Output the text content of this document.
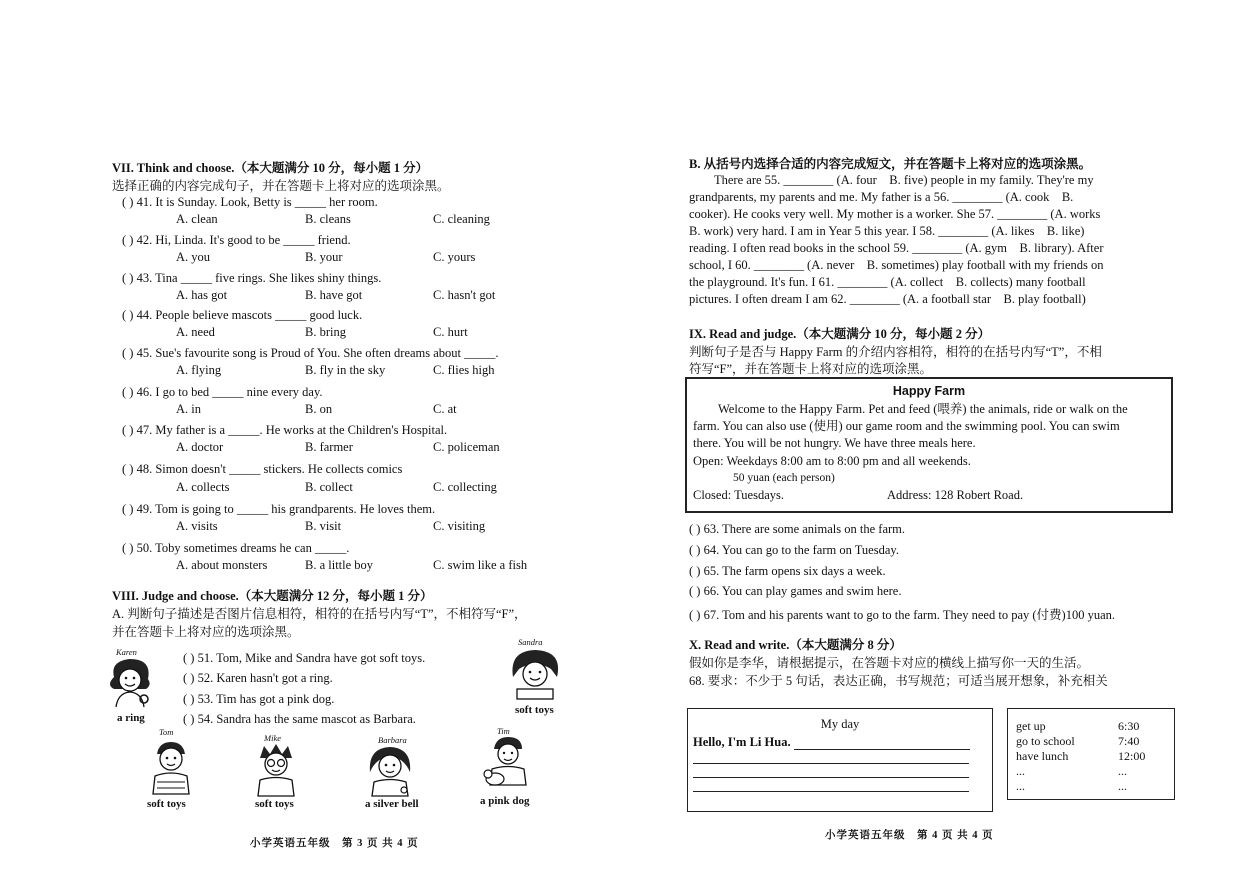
VII. Think and choose.（本大题满分 10 分，每小题 1 分）
选择正确的内容完成句子，并在答题卡上将对应的选项涂黑。
( ) 41. It is Sunday. Look, Betty is _____ her room.
A. clean	B. cleans	C. cleaning
( ) 42. Hi, Linda. It's good to be _____ friend.
A. you	B. your	C. yours
( ) 43. Tina _____ five rings. She likes shiny things.
A. has got	B. have got	C. hasn't got
( ) 44. People believe mascots _____ good luck.
A. need	B. bring	C. hurt
( ) 45. Sue's favourite song is Proud of You. She often dreams about _____.
A. flying	B. fly in the sky	C. flies high
( ) 46. I go to bed _____ nine every day.
A. in	B. on	C. at
( ) 47. My father is a _____. He works at the Children's Hospital.
A. doctor	B. farmer	C. policeman
( ) 48. Simon doesn't _____ stickers. He collects comics
A. collects	B. collect	C. collecting
( ) 49. Tom is going to _____ his grandparents. He loves them.
A. visits	B. visit	C. visiting
( ) 50. Toby sometimes dreams he can _____.
A. about monsters	B. a little boy	C. swim like a fish
VIII. Judge and choose.（本大题满分 12 分，每小题 1 分）
A. 判断句子描述是否图片信息相符，相符的在括号内写“T”，不相符写“F”，
并在答题卡上将对应的选项涂黑。
( ) 51. Tom, Mike and Sandra have got soft toys.
( ) 52. Karen hasn't got a ring.
( ) 53. Tim has got a pink dog.
( ) 54. Sandra has the same mascot as Barbara.
Karen
a ring
Sandra
soft toys
Tom
soft toys
Mike
soft toys
Barbara
a silver bell
Tim
a pink dog
小学英语五年级　第 3 页 共 4 页
B. 从括号内选择合适的内容完成短文，并在答题卡上将对应的选项涂黑。
　　There are 55. ________ (A. four　B. five) people in my family. They're my
grandparents, my parents and me. My father is a 56. ________ (A. cook　B.
cooker). He cooks very well. My mother is a worker. She 57. ________ (A. works
B. work) very hard. I am in Year 5 this year. I 58. ________ (A. likes　B. like)
reading. I often read books in the school 59. ________ (A. gym　B. library). After
school, I 60. ________ (A. never　B. sometimes) play football with my friends on
the playground. It's fun. I 61. ________ (A. collect　B. collects) many football
pictures. I often dream I am 62. ________ (A. a football star　B. play football)
IX. Read and judge.（本大题满分 10 分，每小题 2 分）
判断句子是否与 Happy Farm 的介绍内容相符，相符的在括号内写“T”，不相
符写“F”，并在答题卡上将对应的选项涂黑。
Happy Farm
　　Welcome to the Happy Farm. Pet and feed (喂养) the animals, ride or walk on the
farm. You can also use (使用) our game room and the swimming pool. You can swim
there. You will be not hungry. We have three meals here.
Open: Weekdays 8:00 am to 8:00 pm and all weekends.
50 yuan (each person)
Closed: Tuesdays.	Address: 128 Robert Road.
( ) 63. There are some animals on the farm.
( ) 64. You can go to the farm on Tuesday.
( ) 65. The farm opens six days a week.
( ) 66. You can play games and swim here.
( ) 67. Tom and his parents want to go to the farm. They need to pay (付费)100 yuan.
X. Read and write.（本大题满分 8 分）
假如你是李华，请根据提示，在答题卡对应的横线上描写你一天的生活。
68. 要求：不少于 5 句话，表达正确，书写规范；可适当展开想象，补充相关
My day
Hello, I'm Li Hua.
get up	6:30
go to school	7:40
have lunch	12:00
...	...
...	...
小学英语五年级　第 4 页 共 4 页
